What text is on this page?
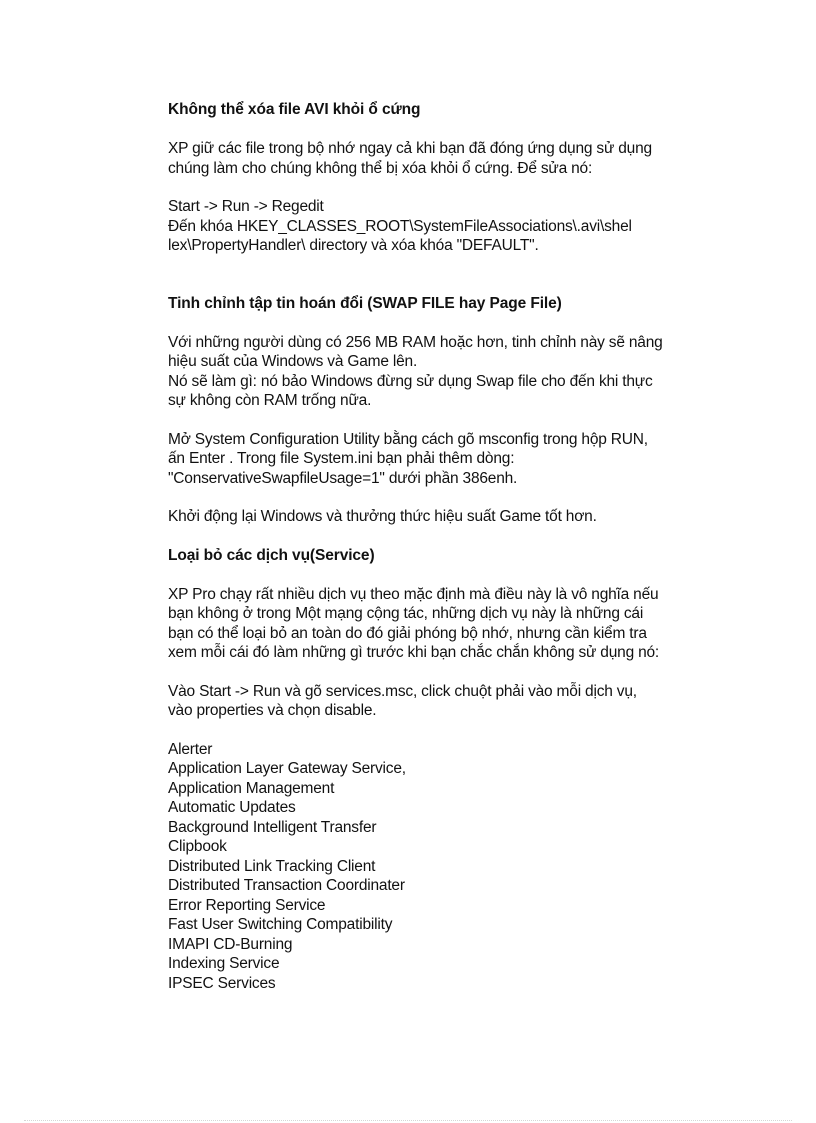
Không thể xóa file AVI khỏi ổ cứng

XP giữ các file trong bộ nhớ ngay cả khi bạn đã đóng ứng dụng sử dụng
chúng làm cho chúng không thể bị xóa khỏi ổ cứng. Để sửa nó:

Start -> Run -> Regedit
Đến khóa HKEY_CLASSES_ROOT\SystemFileAssociations\.avi\shel
lex\PropertyHandler\ directory và xóa khóa "DEFAULT".

Tinh chỉnh tập tin hoán đổi (SWAP FILE hay Page File)

Với những người dùng có 256 MB RAM hoặc hơn, tinh chỉnh này sẽ nâng
hiệu suất của Windows và Game lên.
Nó sẽ làm gì: nó bảo Windows đừng sử dụng Swap file cho đến khi thực
sự không còn RAM trống nữa.

Mở System Configuration Utility bằng cách gõ msconfig trong hộp RUN,
ấn Enter . Trong file System.ini bạn phải thêm dòng:
"ConservativeSwapfileUsage=1" dưới phần 386enh.

Khởi động lại Windows và thưởng thức hiệu suất Game tốt hơn.

Loại bỏ các dịch vụ(Service)

XP Pro chạy rất nhiều dịch vụ theo mặc định mà điều này là vô nghĩa nếu
bạn không ở trong Một mạng cộng tác, những dịch vụ này là những cái
bạn có thể loại bỏ an toàn do đó giải phóng bộ nhớ, nhưng cần kiểm tra
xem mỗi cái đó làm những gì trước khi bạn chắc chắn không sử dụng nó:

Vào Start -> Run và gõ services.msc, click chuột phải vào mỗi dịch vụ,
vào properties và chọn disable.

Alerter
Application Layer Gateway Service,
Application Management
Automatic Updates
Background Intelligent Transfer
Clipbook
Distributed Link Tracking Client
Distributed Transaction Coordinater
Error Reporting Service
Fast User Switching Compatibility
IMAPI CD-Burning
Indexing Service
IPSEC Services
